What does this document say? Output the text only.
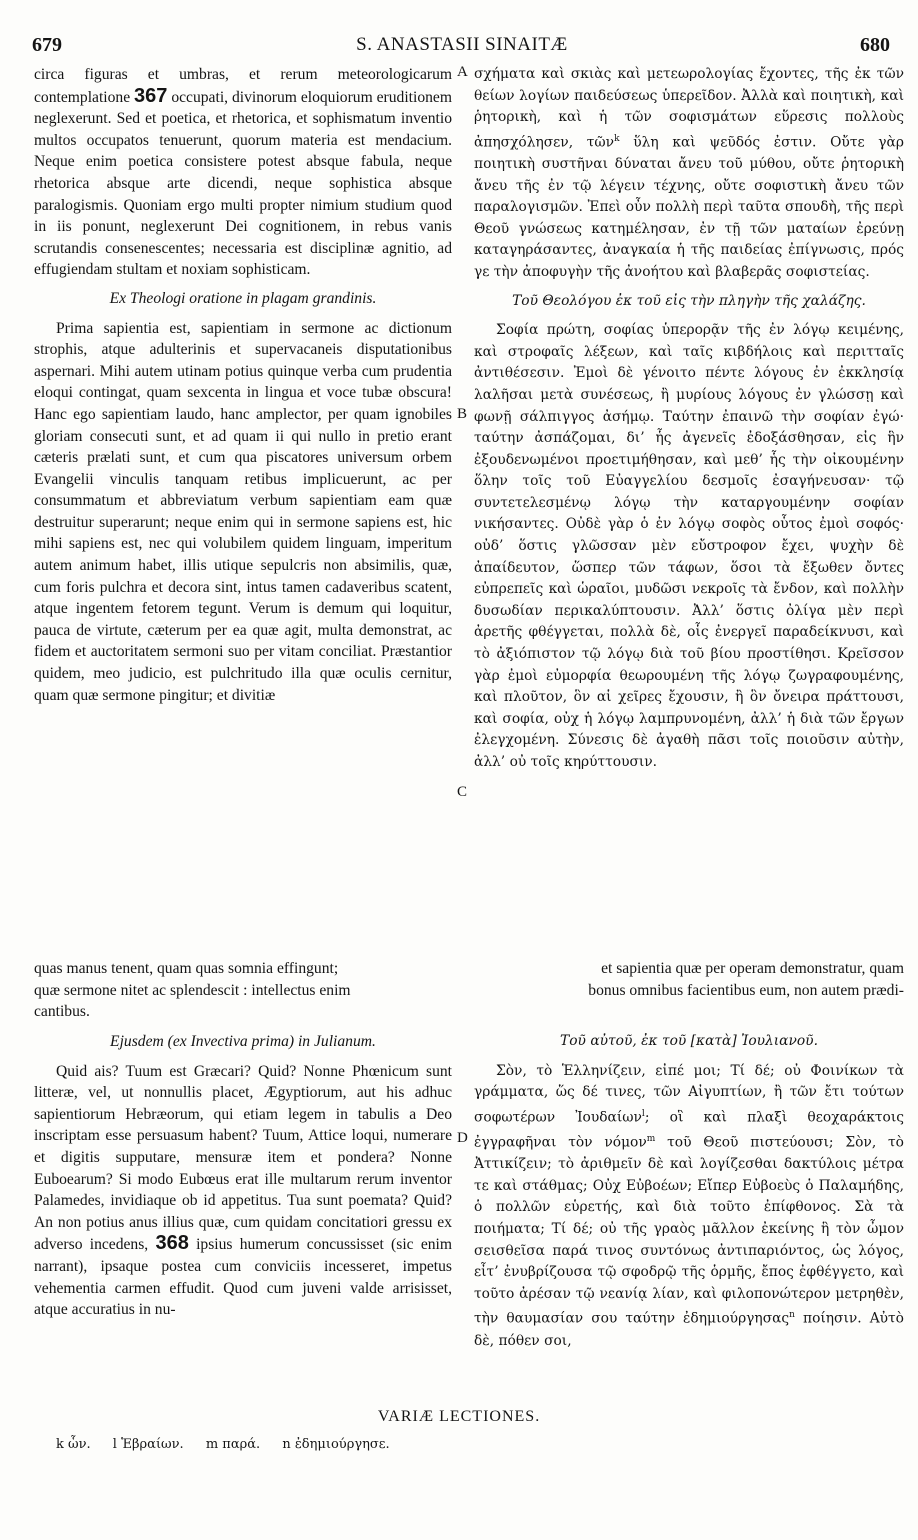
679	S. ANASTASII SINAITÆ	680
A
B
C
D

circa figuras et umbras, et rerum meteorologicarum contemplatione 367 occupati, divinorum eloquiorum eruditionem neglexerunt. Sed et poetica, et rhetorica, et sophismatum inventio multos occupatos tenuerunt, quorum materia est mendacium. Neque enim poetica consistere potest absque fabula, neque rhetorica absque arte dicendi, neque sophistica absque paralogismis. Quoniam ergo multi propter nimium studium quod in iis ponunt, neglexerunt Dei cognitionem, in rebus vanis scrutandis consenescentes; necessaria est disciplinæ agnitio, ad effugiendam stultam et noxiam sophisticam.

Ex Theologi oratione in plagam grandinis.

Prima sapientia est, sapientiam in sermone ac dictionum strophis, atque adulterinis et supervacaneis disputationibus aspernari. Mihi autem utinam potius quinque verba cum prudentia eloqui contingat, quam sexcenta in lingua et voce tubæ obscura! Hanc ego sapientiam laudo, hanc amplector, per quam ignobiles gloriam consecuti sunt, et ad quam ii qui nullo in pretio erant cæteris prælati sunt, et cum qua piscatores universum orbem Evangelii vinculis tanquam retibus implicuerunt, ac per consummatum et abbreviatum verbum sapientiam eam quæ destruitur superarunt; neque enim qui in sermone sapiens est, hic mihi sapiens est, nec qui volubilem quidem linguam, imperitum autem animum habet, illis utique sepulcris non absimilis, quæ, cum foris pulchra et decora sint, intus tamen cadaveribus scatent, atque ingentem fetorem tegunt. Verum is demum qui loquitur, pauca de virtute, cæterum per ea quæ agit, multa demonstrat, ac fidem et auctoritatem sermoni suo per vitam conciliat. Præstantior quidem, meo judicio, est pulchritudo illa quæ oculis cernitur, quam quæ sermone pingitur; et divitiæ

σχήματα καὶ σκιὰς καὶ μετεωρολογίας ἔχοντες, τῆς ἐκ τῶν θείων λογίων παιδεύσεως ὑπερεῖδον. Ἀλλὰ καὶ ποιητικὴ, καὶ ῥητορικὴ, καὶ ἡ τῶν σοφισμάτων εὕρεσις πολλοὺς ἀπησχόλησεν, τῶν$^k$ ὕλη καὶ ψεῦδός ἐστιν. Οὔτε γὰρ ποιητικὴ συστῆναι δύναται ἄνευ τοῦ μύθου, οὔτε ῥητορικὴ ἄνευ τῆς ἐν τῷ λέγειν τέχνης, οὔτε σοφιστικὴ ἄνευ τῶν παραλογισμῶν. Ἐπεὶ οὖν πολλὴ περὶ ταῦτα σπουδὴ, τῆς περὶ Θεοῦ γνώσεως κατημέλησαν, ἐν τῇ τῶν ματαίων ἐρεύνῃ καταγηράσαντες, ἀναγκαία ἡ τῆς παιδείας ἐπίγνωσις, πρός γε τὴν ἀποφυγὴν τῆς ἀνοήτου καὶ βλαβερᾶς σοφιστείας.

Τοῦ Θεολόγου ἐκ τοῦ εἰς τὴν πληγὴν τῆς χαλάζης.

Σοφία πρώτη, σοφίας ὑπερορᾷν τῆς ἐν λόγῳ κειμένης, καὶ στροφαῖς λέξεων, καὶ ταῖς κιβδήλοις καὶ περιτταῖς ἀντιθέσεσιν. Ἐμοὶ δὲ γένοιτο πέντε λόγους ἐν ἐκκλησίᾳ λαλῆσαι μετὰ συνέσεως, ἢ μυρίους λόγους ἐν γλώσσῃ καὶ φωνῇ σάλπιγγος ἀσήμῳ. Ταύτην ἐπαινῶ τὴν σοφίαν ἐγώ· ταύτην ἀσπάζομαι, δι’ ἧς ἀγενεῖς ἐδοξάσθησαν, εἰς ἣν ἐξουδενωμένοι προετιμήθησαν, καὶ μεθ’ ἧς τὴν οἰκουμένην ὅλην τοῖς τοῦ Εὐαγγελίου δεσμοῖς ἐσαγήνευσαν· τῷ συντετελεσμένῳ λόγῳ τὴν καταργουμένην σοφίαν νικήσαντες. Οὐδὲ γὰρ ὁ ἐν λόγῳ σοφὸς οὗτος ἐμοὶ σοφός· οὐδ’ ὅστις γλῶσσαν μὲν εὔστροφον ἔχει, ψυχὴν δὲ ἀπαίδευτον, ὥσπερ τῶν τάφων, ὅσοι τὰ ἔξωθεν ὄντες εὐπρεπεῖς καὶ ὡραῖοι, μυδῶσι νεκροῖς τὰ ἔνδον, καὶ πολλὴν δυσωδίαν περικαλύπτουσιν. Ἀλλ’ ὅστις ὀλίγα μὲν περὶ ἀρετῆς φθέγγεται, πολλὰ δὲ, οἷς ἐνεργεῖ παραδείκνυσι, καὶ τὸ ἀξιόπιστον τῷ λόγῳ διὰ τοῦ βίου προστίθησι. Κρεῖσσον γὰρ ἐμοὶ εὐμορφία θεωρουμένη τῆς λόγῳ ζωγραφουμένης, καὶ πλοῦτον, ὃν αἱ χεῖρες ἔχουσιν, ἢ ὃν ὄνειρα πράττουσι, καὶ σοφία, οὐχ ἡ λόγῳ λαμπρυνομένη, ἀλλ’ ἡ διὰ τῶν ἔργων ἐλεγχομένη. Σύνεσις δὲ ἀγαθὴ πᾶσι τοῖς ποιοῦσιν αὐτὴν, ἀλλ’ οὐ τοῖς κηρύττουσιν.

quas manus tenent, quam quas somnia effingunt;	et sapientia quæ per operam demonstratur, quam
quæ sermone nitet ac splendescit : intellectus enim	bonus omnibus facientibus eum, non autem prædi-
cantibus.

Ejusdem (ex Invectiva prima) in Julianum.

Quid ais? Tuum est Græcari? Quid? Nonne Phœnicum sunt litteræ, vel, ut nonnullis placet, Ægyptiorum, aut his adhuc sapientiorum Hebræorum, qui etiam legem in tabulis a Deo inscriptam esse persuasum habent? Tuum, Attice loqui, numerare et digitis supputare, mensuræ item et pondera? Nonne Euboearum? Si modo Eubœus erat ille multarum rerum inventor Palamedes, invidiaque ob id appetitus. Tua sunt poemata? Quid? An non potius anus illius quæ, cum quidam concitatiori gressu ex adverso incedens, 368 ipsius humerum concussisset (sic enim narrant), ipsaque postea cum conviciis incesseret, impetus vehementia carmen effudit. Quod cum juveni valde arrisisset, atque accuratius in nu-

Τοῦ αὐτοῦ, ἐκ τοῦ [κατὰ] Ἰουλιανοῦ.

Σὸν, τὸ Ἑλληνίζειν, εἰπέ μοι; Τί δέ; οὐ Φοινίκων τὰ γράμματα, ὥς δέ τινες, τῶν Αἰγυπτίων, ἢ τῶν ἔτι τούτων σοφωτέρων Ἰουδαίων$^l$; οἳ καὶ πλαξὶ θεοχαράκτοις ἐγγραφῆναι τὸν νόμον$^m$ τοῦ Θεοῦ πιστεύουσι; Σὸν, τὸ Ἀττικίζειν; τὸ ἀριθμεῖν δὲ καὶ λογίζεσθαι δακτύλοις μέτρα τε καὶ στάθμας; Οὐχ Εὐβοέων; Εἴπερ Εὐβοεὺς ὁ Παλαμήδης, ὁ πολλῶν εὑρετής, καὶ διὰ τοῦτο ἐπίφθονος. Σὰ τὰ ποιήματα; Τί δέ; οὐ τῆς γραὸς μᾶλλον ἐκείνης ἣ τὸν ὦμον σεισθεῖσα παρά τινος συντόνως ἀντιπαριόντος, ὡς λόγος, εἶτ’ ἐνυβρίζουσα τῷ σφοδρῷ τῆς ὁρμῆς, ἔπος ἐφθέγγετο, καὶ τοῦτο ἀρέσαν τῷ νεανίᾳ λίαν, καὶ φιλοπονώτερον μετρηθὲν, τὴν θαυμασίαν σου ταύτην ἐδημιούργησας$^n$ ποίησιν. Αὐτὸ δὲ, πόθεν σοι,

VARIÆ LECTIONES.
k ὧν. l Ἑβραίων. m παρά. n ἐδημιούργησε.
